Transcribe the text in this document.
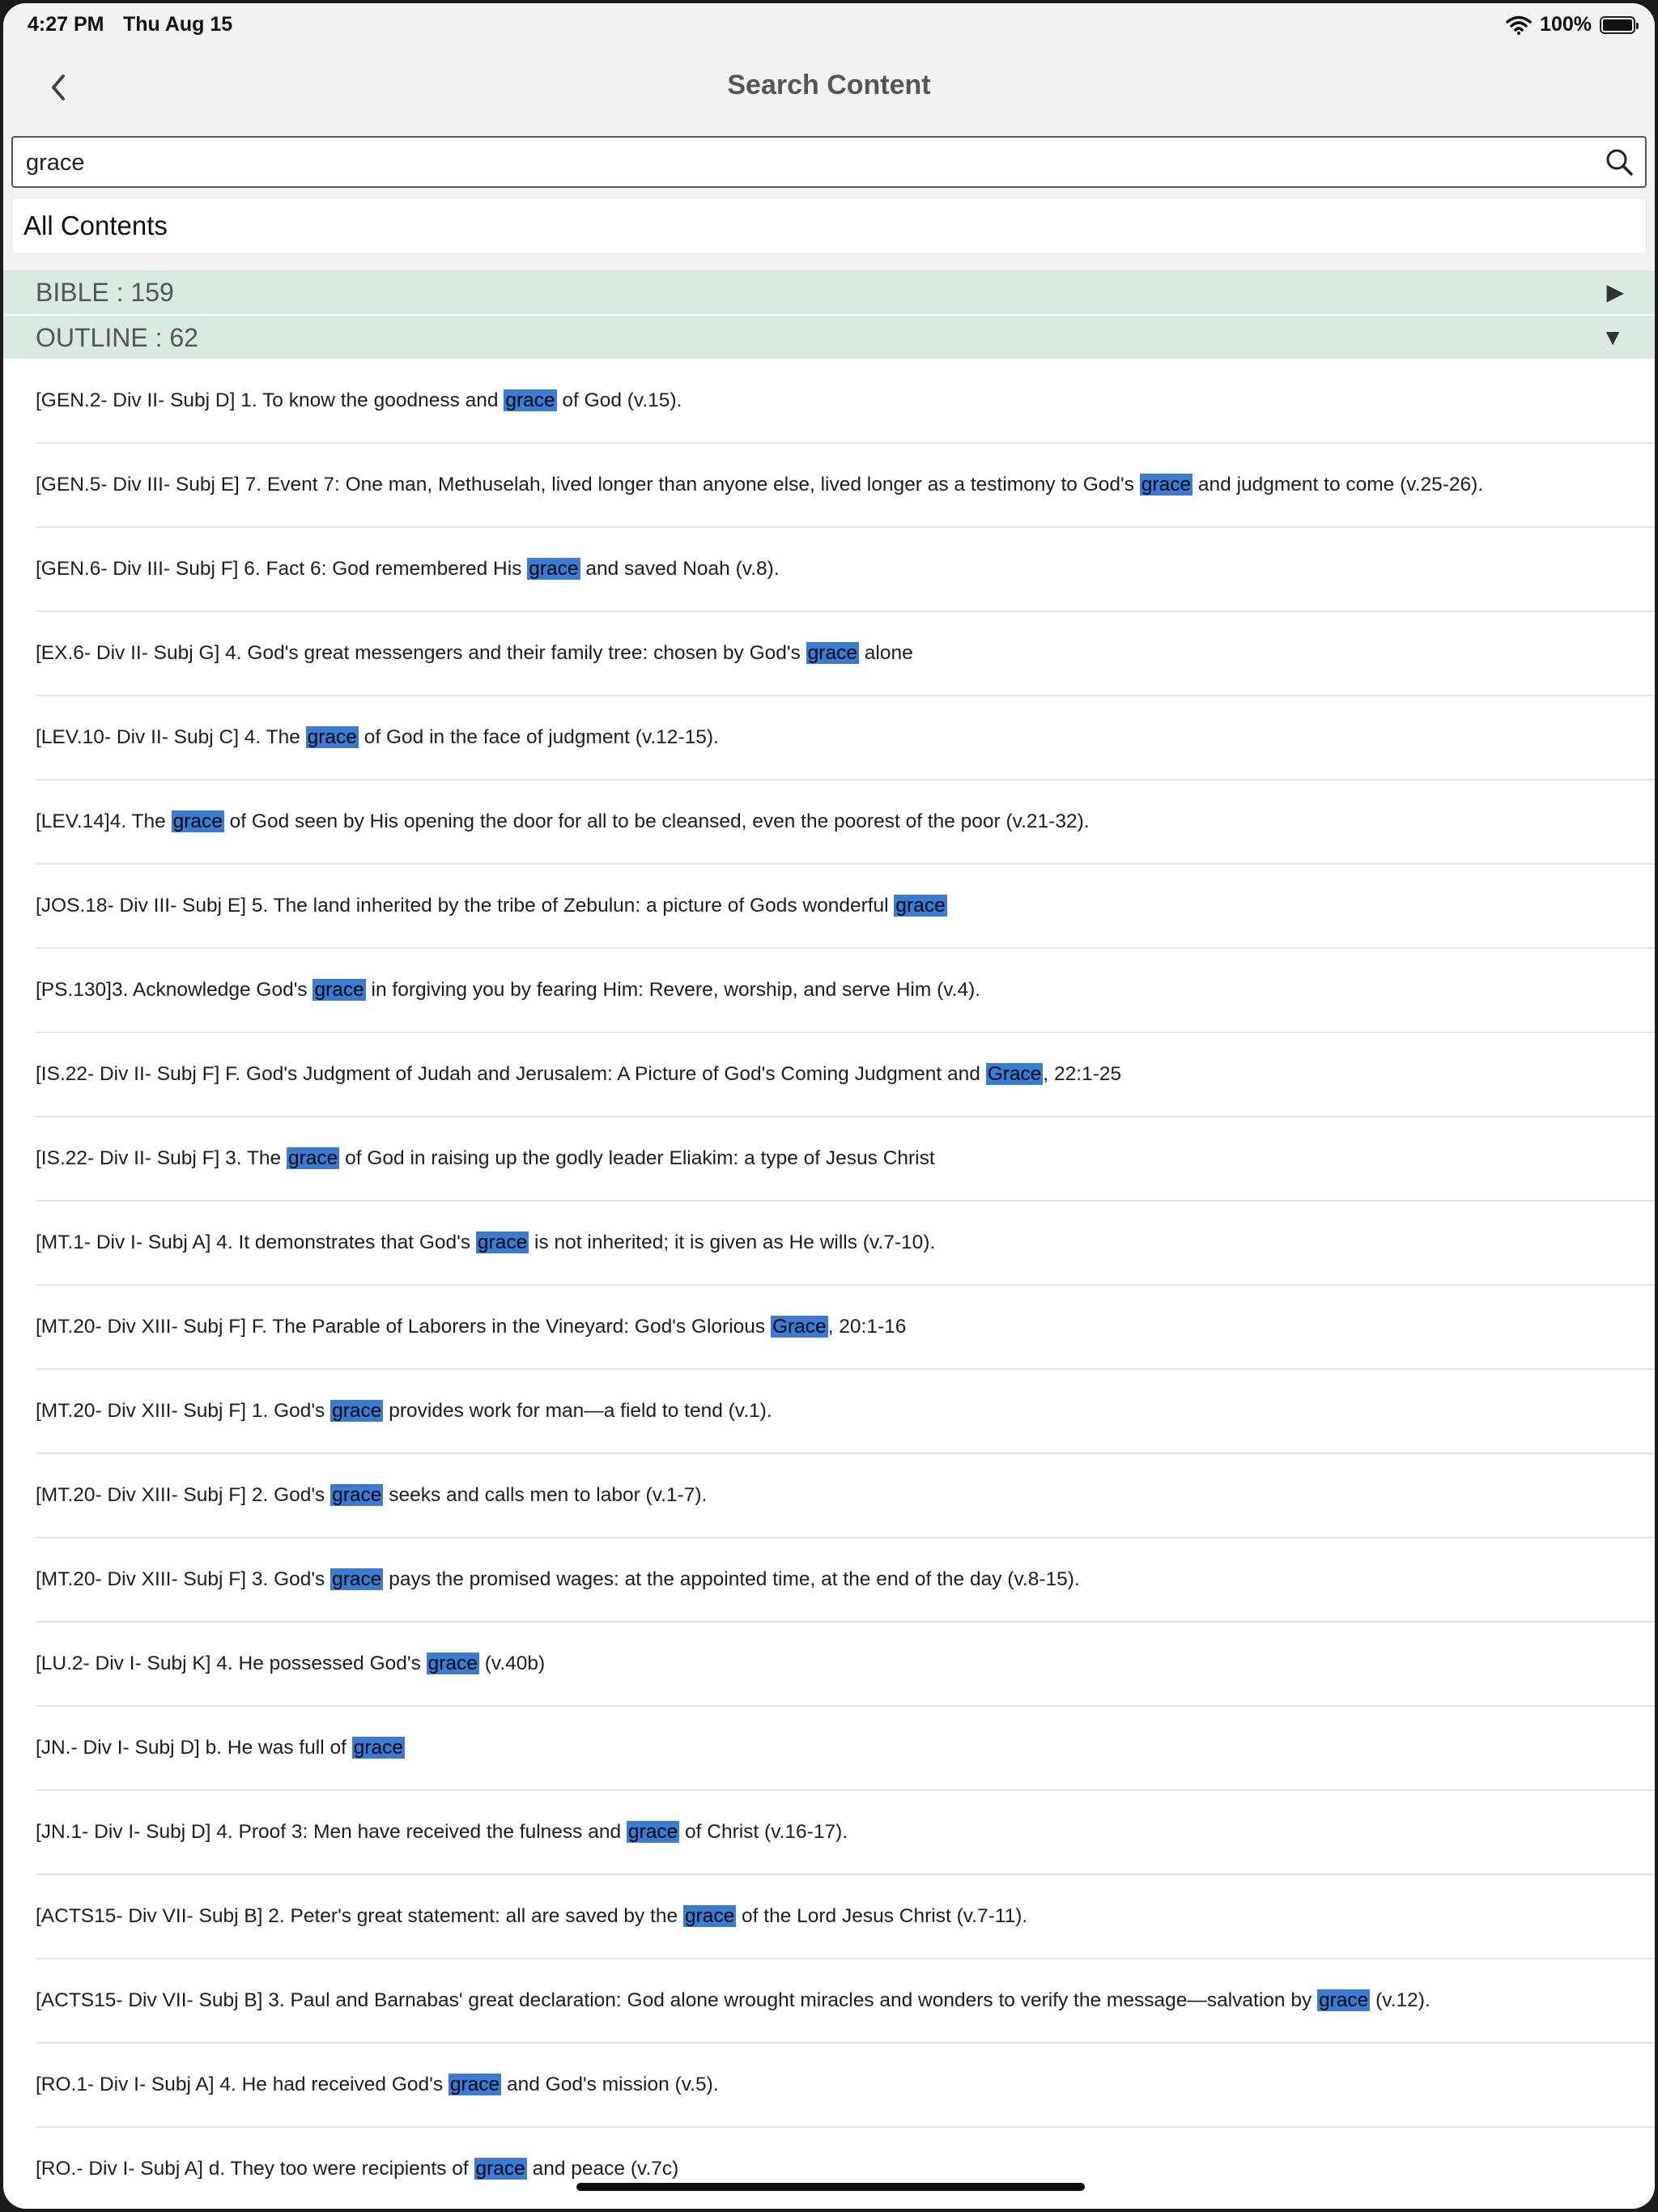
4:27 PM Thu Aug 15	100%
Search Content
grace
All Contents
BIBLE : 159	▶
OUTLINE : 62	▼
[GEN.2- Div II- Subj D] 1. To know the goodness and grace of God (v.15).
[GEN.5- Div III- Subj E] 7. Event 7: One man, Methuselah, lived longer than anyone else, lived longer as a testimony to God's grace and judgment to come (v.25-26).
[GEN.6- Div III- Subj F] 6. Fact 6: God remembered His grace and saved Noah (v.8).
[EX.6- Div II- Subj G] 4. God's great messengers and their family tree: chosen by God's grace alone
[LEV.10- Div II- Subj C] 4. The grace of God in the face of judgment (v.12-15).
[LEV.14]4. The grace of God seen by His opening the door for all to be cleansed, even the poorest of the poor (v.21-32).
[JOS.18- Div III- Subj E] 5. The land inherited by the tribe of Zebulun: a picture of Gods wonderful grace
[PS.130]3. Acknowledge God's grace in forgiving you by fearing Him: Revere, worship, and serve Him (v.4).
[IS.22- Div II- Subj F] F. God's Judgment of Judah and Jerusalem: A Picture of God's Coming Judgment and Grace, 22:1-25
[IS.22- Div II- Subj F] 3. The grace of God in raising up the godly leader Eliakim: a type of Jesus Christ
[MT.1- Div I- Subj A] 4. It demonstrates that God's grace is not inherited; it is given as He wills (v.7-10).
[MT.20- Div XIII- Subj F] F. The Parable of Laborers in the Vineyard: God's Glorious Grace, 20:1-16
[MT.20- Div XIII- Subj F] 1. God's grace provides work for man—a field to tend (v.1).
[MT.20- Div XIII- Subj F] 2. God's grace seeks and calls men to labor (v.1-7).
[MT.20- Div XIII- Subj F] 3. God's grace pays the promised wages: at the appointed time, at the end of the day (v.8-15).
[LU.2- Div I- Subj K] 4. He possessed God's grace (v.40b)
[JN.- Div I- Subj D] b. He was full of grace
[JN.1- Div I- Subj D] 4. Proof 3: Men have received the fulness and grace of Christ (v.16-17).
[ACTS15- Div VII- Subj B] 2. Peter's great statement: all are saved by the grace of the Lord Jesus Christ (v.7-11).
[ACTS15- Div VII- Subj B] 3. Paul and Barnabas' great declaration: God alone wrought miracles and wonders to verify the message—salvation by grace (v.12).
[RO.1- Div I- Subj A] 4. He had received God's grace and God's mission (v.5).
[RO.- Div I- Subj A] d. They too were recipients of grace and peace (v.7c)
